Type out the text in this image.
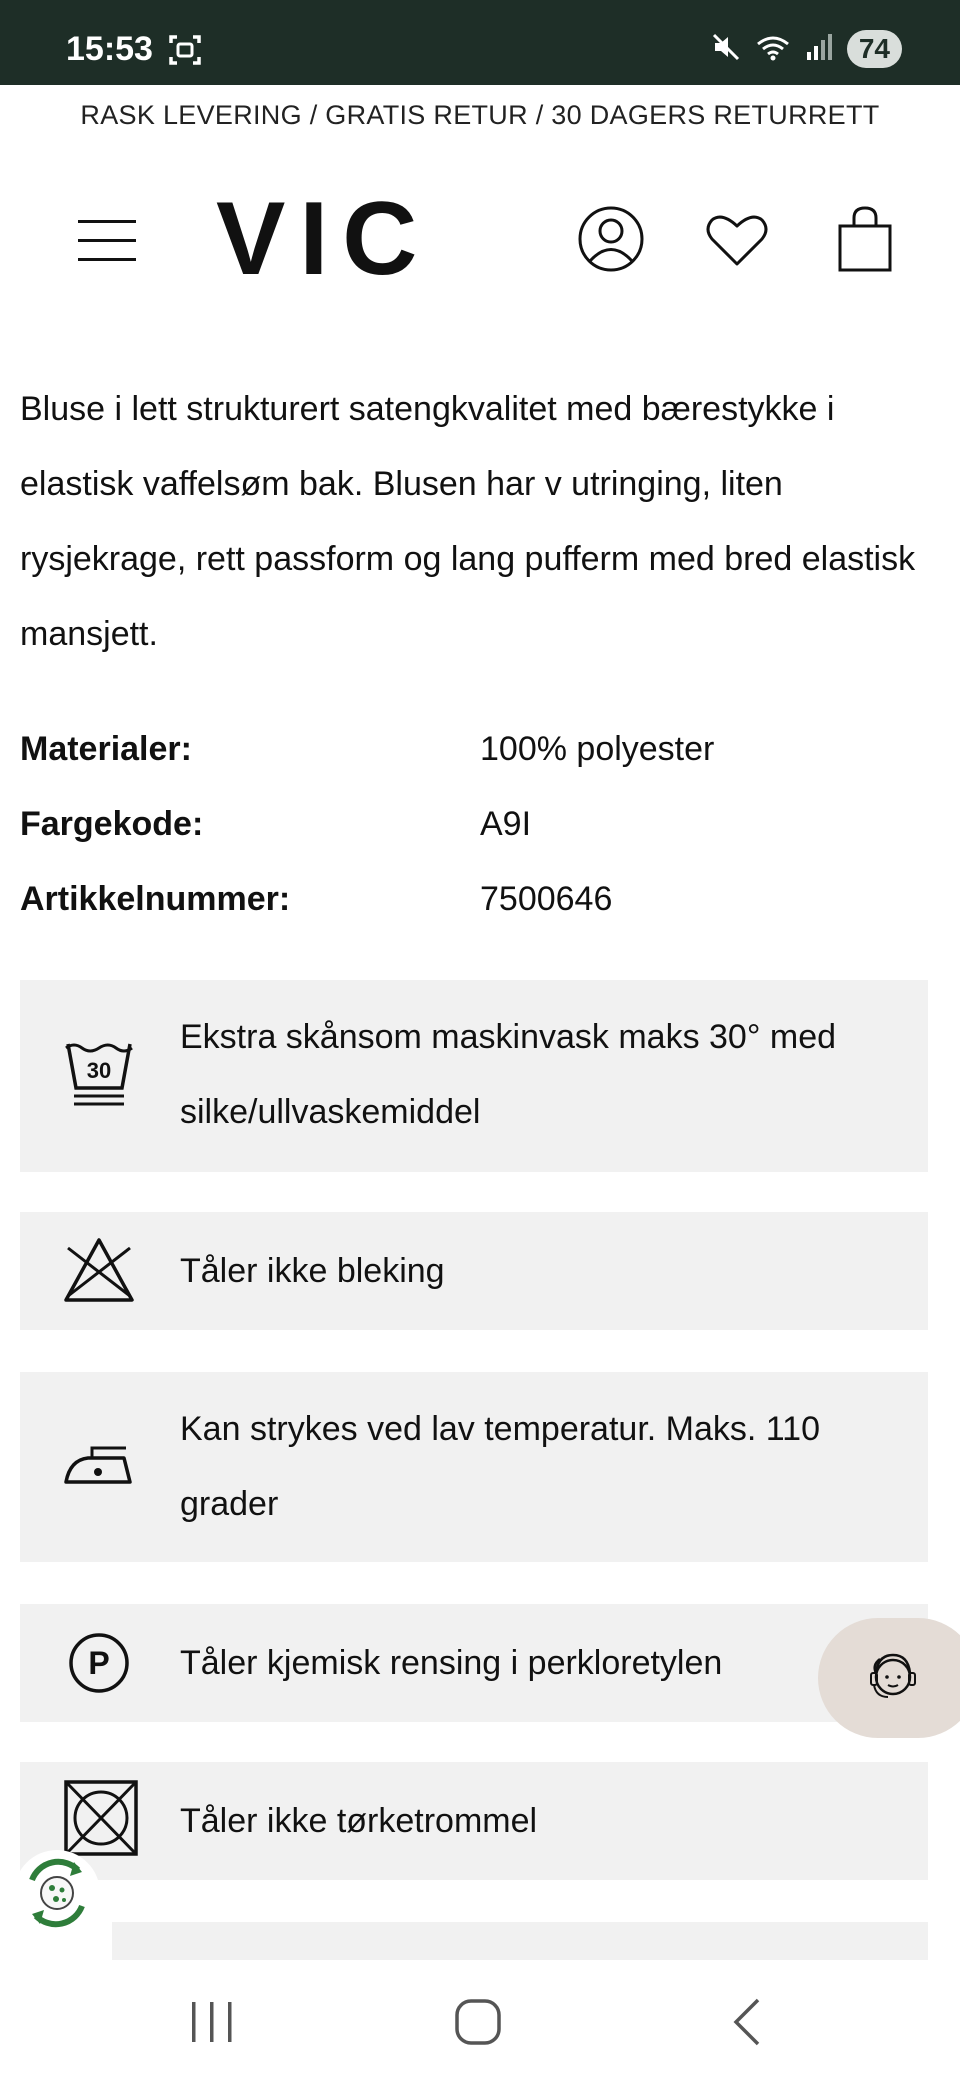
15:53	74
RASK LEVERING / GRATIS RETUR / 30 DAGERS RETURRETT
VIC

Bluse i lett strukturert satengkvalitet med bærestykke i elastisk vaffelsøm bak. Blusen har v utringing, liten rysjekrage, rett passform og lang pufferm med bred elastisk mansjett.

Materialer:	100% polyester
Fargekode:	A9I
Artikkelnummer:	7500646
30
Ekstra skånsom maskinvask maks 30° med silke/ullvaskemiddel
Tåler ikke bleking
Kan strykes ved lav temperatur. Maks. 110 grader
P Tåler kjemisk rensing i perkloretylen
Tåler ikke tørketrommel
